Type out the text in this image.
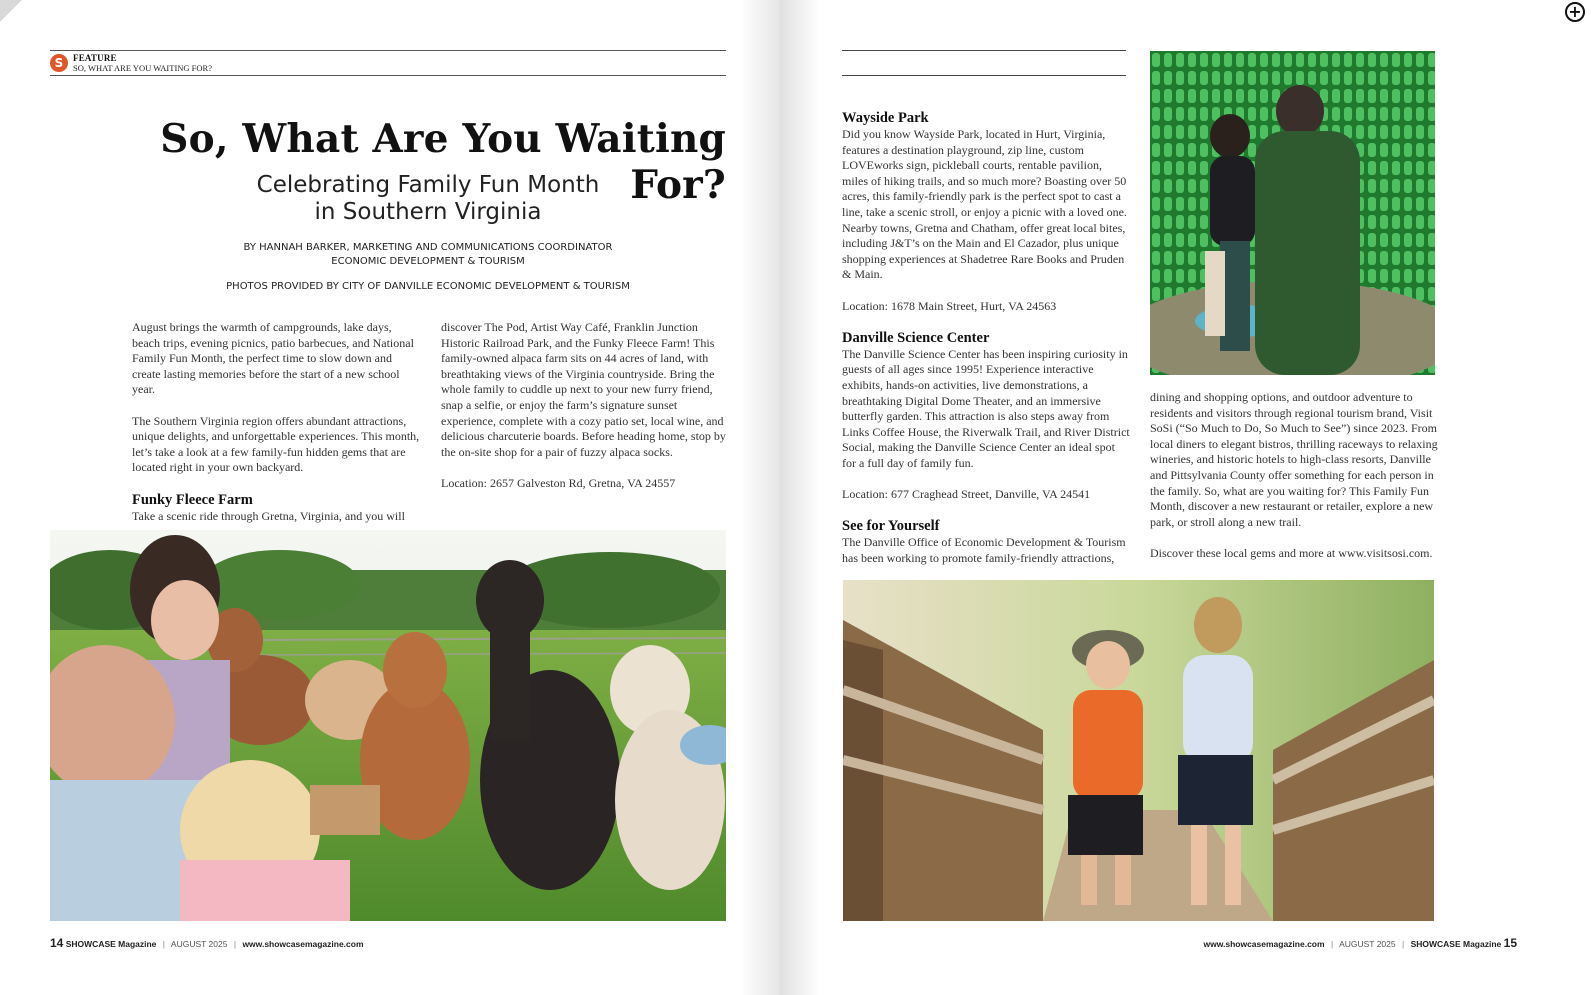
S	FEATURE
SO, WHAT ARE YOU WAITING FOR?
So, What Are You Waiting For?
Celebrating Family Fun Month
in Southern Virginia
BY HANNAH BARKER, MARKETING AND COMMUNICATIONS COORDINATOR
ECONOMIC DEVELOPMENT & TOURISM
PHOTOS PROVIDED BY CITY OF DANVILLE ECONOMIC DEVELOPMENT & TOURISM

August brings the warmth of campgrounds, lake days, beach trips, evening picnics, patio barbecues, and National Family Fun Month, the perfect time to slow down and create lasting memories before the start of a new school year.

The Southern Virginia region offers abundant attractions, unique delights, and unforgettable experiences. This month, let’s take a look at a few family-fun hidden gems that are located right in your own backyard.

Funky Fleece Farm

Take a scenic ride through Gretna, Virginia, and you will

discover The Pod, Artist Way Café, Franklin Junction Historic Railroad Park, and the Funky Fleece Farm! This family-owned alpaca farm sits on 44 acres of land, with breathtaking views of the Virginia countryside. Bring the whole family to cuddle up next to your new furry friend, snap a selfie, or enjoy the farm’s signature sunset experience, complete with a cozy patio set, local wine, and delicious charcuterie boards. Before heading home, stop by the on-site shop for a pair of fuzzy alpaca socks.

Location: 2657 Galveston Rd, Gretna, VA 24557

14 SHOWCASE Magazine | AUGUST 2025 | www.showcasemagazine.com
Wayside Park

Did you know Wayside Park, located in Hurt, Virginia, features a destination playground, zip line, custom LOVEworks sign, pickleball courts, rentable pavilion, miles of hiking trails, and so much more? Boasting over 50 acres, this family-friendly park is the perfect spot to cast a line, take a scenic stroll, or enjoy a picnic with a loved one. Nearby towns, Gretna and Chatham, offer great local bites, including J&T’s on the Main and El Cazador, plus unique shopping experiences at Shadetree Rare Books and Pruden & Main.

Location: 1678 Main Street, Hurt, VA 24563

Danville Science Center

The Danville Science Center has been inspiring curiosity in guests of all ages since 1995! Experience interactive exhibits, hands-on activities, live demonstrations, a breathtaking Digital Dome Theater, and an immersive butterfly garden. This attraction is also steps away from Links Coffee House, the Riverwalk Trail, and River District Social, making the Danville Science Center an ideal spot for a full day of family fun.

Location: 677 Craghead Street, Danville, VA 24541

See for Yourself

The Danville Office of Economic Development & Tourism has been working to promote family-friendly attractions,

dining and shopping options, and outdoor adventure to residents and visitors through regional tourism brand, Visit SoSi (“So Much to Do, So Much to See”) since 2023. From local diners to elegant bistros, thrilling raceways to relaxing wineries, and historic hotels to high-class resorts, Danville and Pittsylvania County offer something for each person in the family. So, what are you waiting for? This Family Fun Month, discover a new restaurant or retailer, explore a new park, or stroll along a new trail.

Discover these local gems and more at www.visitsosi.com.

www.showcasemagazine.com | AUGUST 2025 | SHOWCASE Magazine 15
+
